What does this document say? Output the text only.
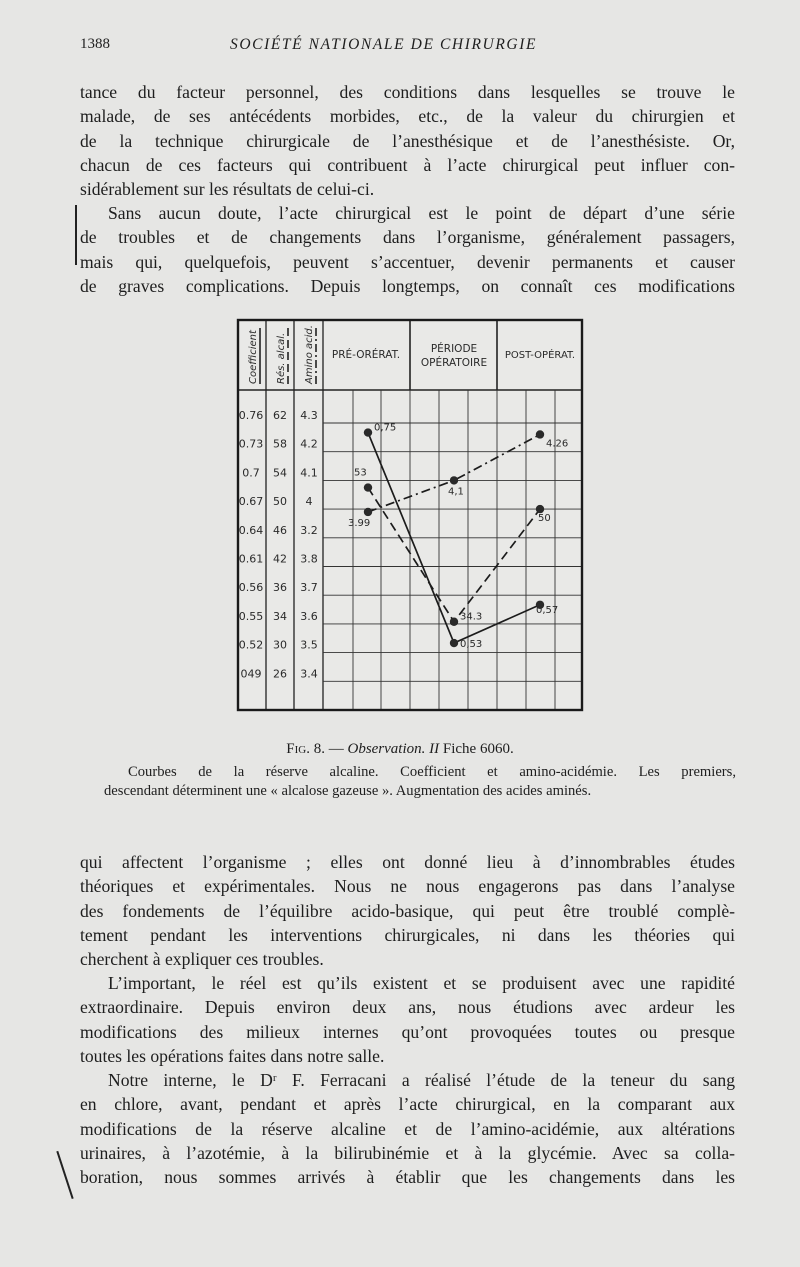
1388	SOCIÉTÉ NATIONALE DE CHIRURGIE
tance du facteur personnel, des conditions dans lesquelles se trouve le
malade, de ses antécédents morbides, etc., de la valeur du chirurgien et
de la technique chirurgicale de l’anesthésique et de l’anesthésiste. Or,
chacun de ces facteurs qui contribuent à l’acte chirurgical peut influer con-
sidérablement sur les résultats de celui-ci.
Sans aucun doute, l’acte chirurgical est le point de départ d’une série
de troubles et de changements dans l’organisme, généralement passagers,
mais qui, quelquefois, peuvent s’accentuer, devenir permanents et causer
de graves complications. Depuis longtemps, on connaît ces modifications
Coefficient Rés. alcal. Amino acid. PRÉ-ORÉRAT.	PÉRIODE
OPÉRATOIRE
POST-OPÉRAT.
0.76
0.73
0.7
0.67
0.64
0.61
0.56
0.55
0.52
049
62
58
54
50
46
42
36
34
30
26
4.3
4.2
4.1
4
3.2
3.8
3.7
3.6
3.5
3.4
0,75
0,53
0,57
53
34.3
50
3.99
4,1
4.26
Fig. 8. — Observation. II Fiche 6060.
Courbes de la réserve alcaline. Coefficient et amino-acidémie. Les premiers,
descendant déterminent une « alcalose gazeuse ». Augmentation des acides aminés.
qui affectent l’organisme ; elles ont donné lieu à d’innombrables études
théoriques et expérimentales. Nous ne nous engagerons pas dans l’analyse
des fondements de l’équilibre acido-basique, qui peut être troublé complè-
tement pendant les interventions chirurgicales, ni dans les théories qui
cherchent à expliquer ces troubles.
L’important, le réel est qu’ils existent et se produisent avec une rapidité
extraordinaire. Depuis environ deux ans, nous étudions avec ardeur les
modifications des milieux internes qu’ont provoquées toutes ou presque
toutes les opérations faites dans notre salle.
Notre interne, le Dʳ F. Ferracani a réalisé l’étude de la teneur du sang
en chlore, avant, pendant et après l’acte chirurgical, en la comparant aux
modifications de la réserve alcaline et de l’amino-acidémie, aux altérations
urinaires, à l’azotémie, à la bilirubinémie et à la glycémie. Avec sa colla-
boration, nous sommes arrivés à établir que les changements dans les
